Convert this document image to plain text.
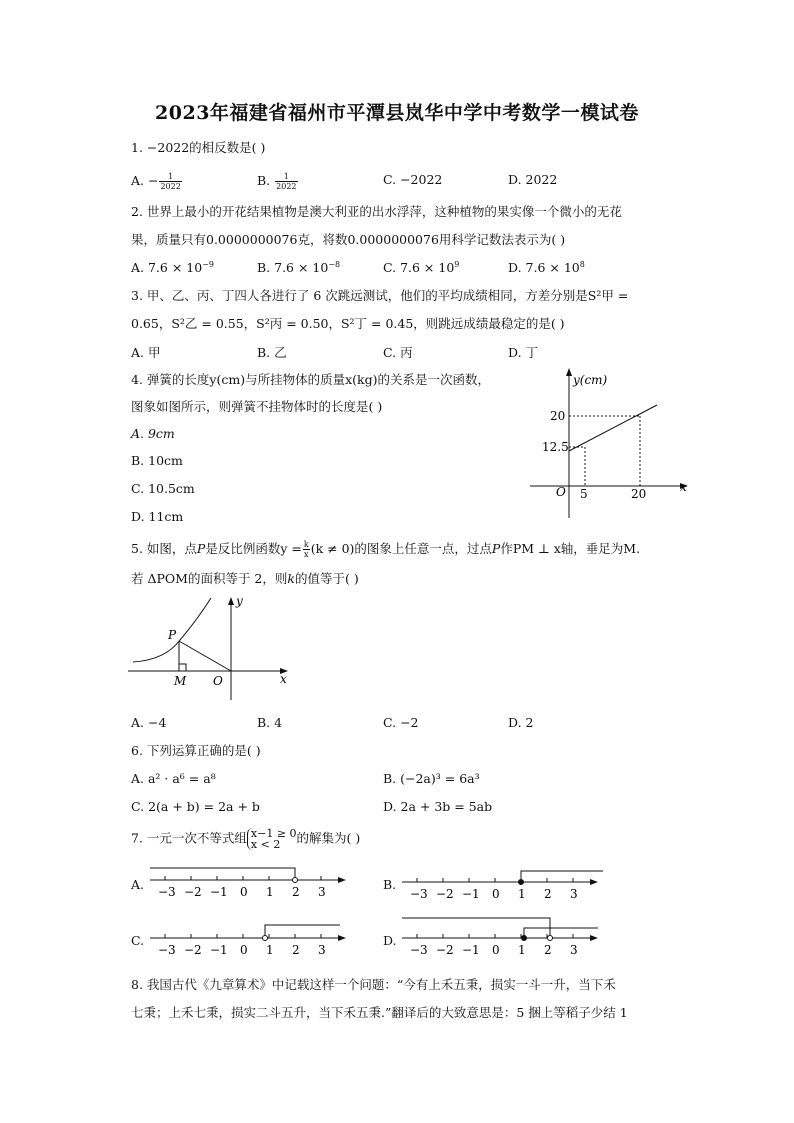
2023年福建省福州市平潭县岚华中学中考数学一模试卷
1. −2022的相反数是( )
A. − $\frac{1}{2022}$	B. $\frac{1}{2022}$	C. −2022	D. 2022
2. 世界上最小的开花结果植物是澳大利亚的出水浮萍，这种植物的果实像一个微小的无花
果，质量只有0.0000000076克，将数0.0000000076用科学记数法表示为( )
A. $7.6 \times 10^{-9}$	B. $7.6 \times 10^{-8}$	C. $7.6 \times 10^9$	D. $7.6 \times 10^8$
3. 甲、乙、丙、丁四人各进行了 6 次跳远测试，他们的平均成绩相同，方差分别是S²甲 =
0.65，S²乙 = 0.55，S²丙 = 0.50，S²丁 = 0.45，则跳远成绩最稳定的是( )
A. 甲	B. 乙	C. 丙	D. 丁
4. 弹簧的长度y(cm)与所挂物体的质量x(kg)的关系是一次函数，
图象如图所示，则弹簧不挂物体时的长度是( )
A. 9cm
B. 10cm
C. 10.5cm
D. 11cm
y(cm)
x
O
12.5
20
5	20
5. 如图，点P是反比例函数$y = \frac{k}{x} (k \ne 0)$的图象上任意一点，过点P作PM ⊥ x轴，垂足为M.
若 ΔPOM的面积等于 2，则k的值等于( )
P
M O	x
y
A. −4	B. 4	C. −2	D. 2
6. 下列运算正确的是( )
A. a² · a⁶ = a⁸	B. (−2a)³ = 6a³
C. 2(a + b) = 2a + b	D. 2a + 3b = 5ab
7. 一元一次不等式组 x−1 ≥ 0
x < 2	的解集为( )
A.	B.
C.	D.
−3 −2 −1 0 1 2 3	−3 −2 −1 0 1 2 3
−3 −2 −1 0 1 2 3	−3 −2 −1 0 1 2 3
8. 我国古代《九章算术》中记载这样一个问题：“今有上禾五秉，损实一斗一升，当下禾
七秉；上禾七秉，损实二斗五升，当下禾五秉.”翻译后的大致意思是：5 捆上等稻子少结 1
